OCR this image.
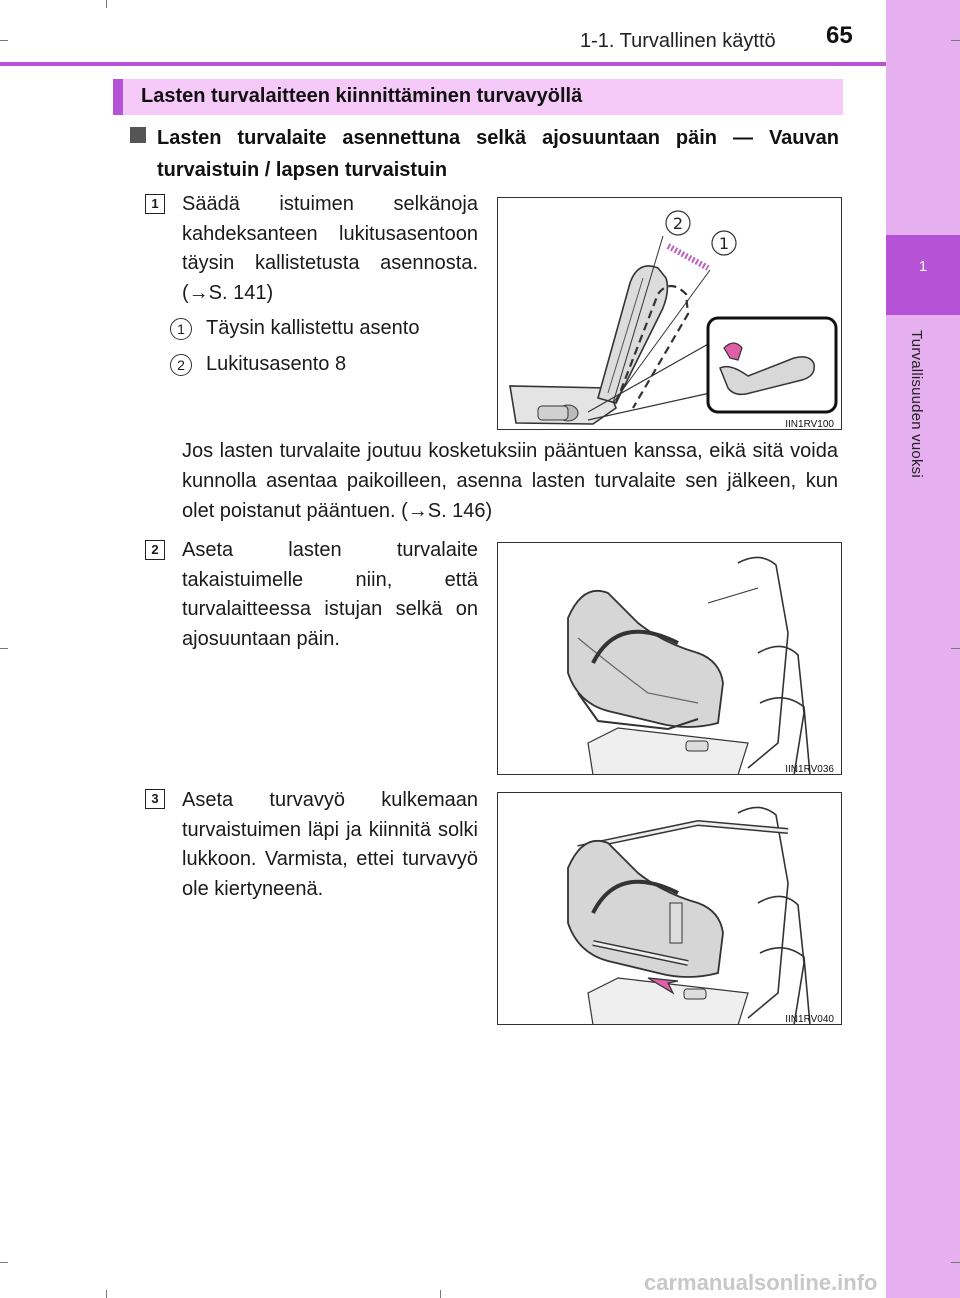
1
Turvallisuuden vuoksi
1-1. Turvallinen käyttö 65
Lasten turvalaitteen kiinnittäminen turvavyöllä
Lasten turvalaite asennettuna selkä ajosuuntaan päin — Vauvan turvaistuin / lapsen turvaistuin
1	Säädä istuimen selkänoja kahdeksanteen lukitusasentoon täysin kallistetusta asennosta. (→S. 141)
1	Täysin kallistettu asento
2	Lukitusasento 8
2
1
IIN1RV100
Jos lasten turvalaite joutuu kosketuksiin pääntuen kanssa, eikä sitä voida kunnolla asentaa paikoilleen, asenna lasten turvalaite sen jälkeen, kun olet poistanut pääntuen. (→S. 146)
2	Aseta lasten turvalaite takaistuimelle niin, että turvalaitteessa istujan selkä on ajosuuntaan päin.
IIN1RV036
3	Aseta turvavyö kulkemaan turvaistuimen läpi ja kiinnitä solki lukkoon. Varmista, ettei turvavyö ole kiertyneenä.
IIN1RV040
carmanualsonline.info
